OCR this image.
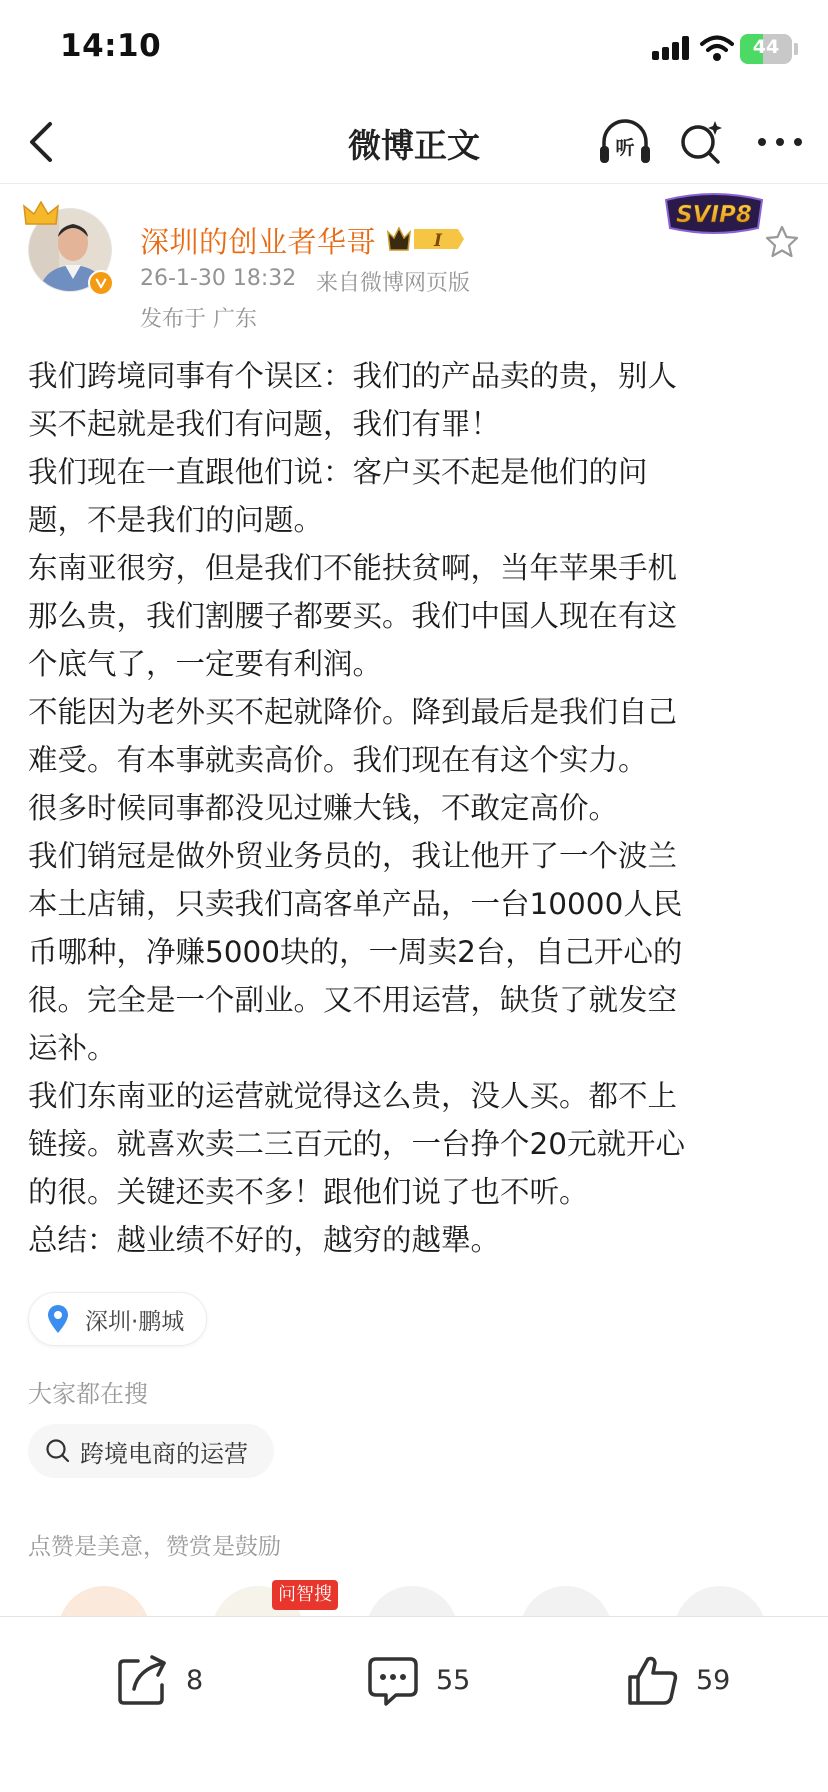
14:10	44
微博正文	听
深圳的创业者华哥	I
SVIP8
26-1-30 18:32 来自微博网页版
发布于 广东

我们跨境同事有个误区：我们的产品卖的贵，别人

买不起就是我们有问题，我们有罪！

我们现在一直跟他们说：客户买不起是他们的问

题，不是我们的问题。

东南亚很穷，但是我们不能扶贫啊，当年苹果手机

那么贵，我们割腰子都要买。我们中国人现在有这

个底气了，一定要有利润。

不能因为老外买不起就降价。降到最后是我们自己

难受。有本事就卖高价。我们现在有这个实力。

很多时候同事都没见过赚大钱，不敢定高价。

我们销冠是做外贸业务员的，我让他开了一个波兰

本土店铺，只卖我们高客单产品，一台10000人民

币哪种，净赚5000块的，一周卖2台，自己开心的

很。完全是一个副业。又不用运营，缺货了就发空

运补。

我们东南亚的运营就觉得这么贵，没人买。都不上

链接。就喜欢卖二三百元的，一台挣个20元就开心

的很。关键还卖不多！跟他们说了也不听。

总结：越业绩不好的，越穷的越犟。

深圳·鹏城
大家都在搜
跨境电商的运营
点赞是美意，赞赏是鼓励
问智搜
8	55	59
